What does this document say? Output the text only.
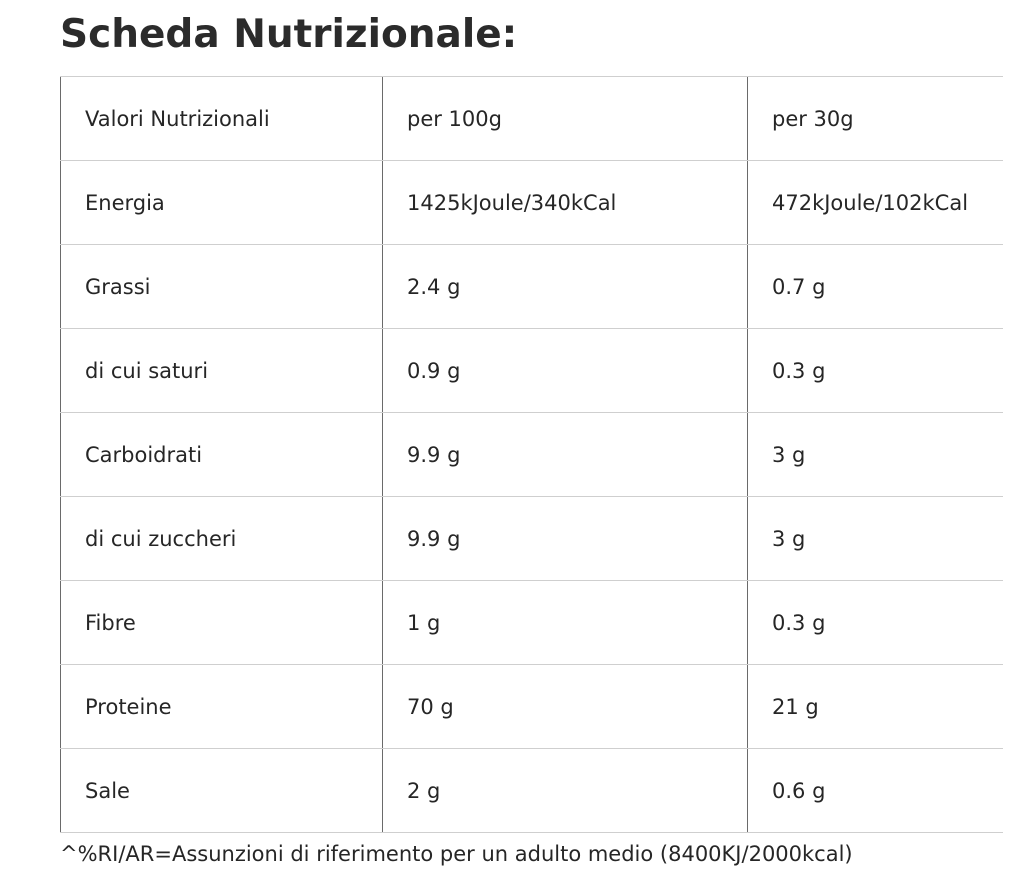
Scheda Nutrizionale:
Valori Nutrizionali	per 100g	per 30g
Energia	1425kJoule/340kCal	472kJoule/102kCal
Grassi	2.4 g	0.7 g
di cui saturi	0.9 g	0.3 g
Carboidrati	9.9 g	3 g
di cui zuccheri	9.9 g	3 g
Fibre	1 g	0.3 g
Proteine	70 g	21 g
Sale	2 g	0.6 g

^%RI/AR=Assunzioni di riferimento per un adulto medio (8400KJ/2000kcal)
